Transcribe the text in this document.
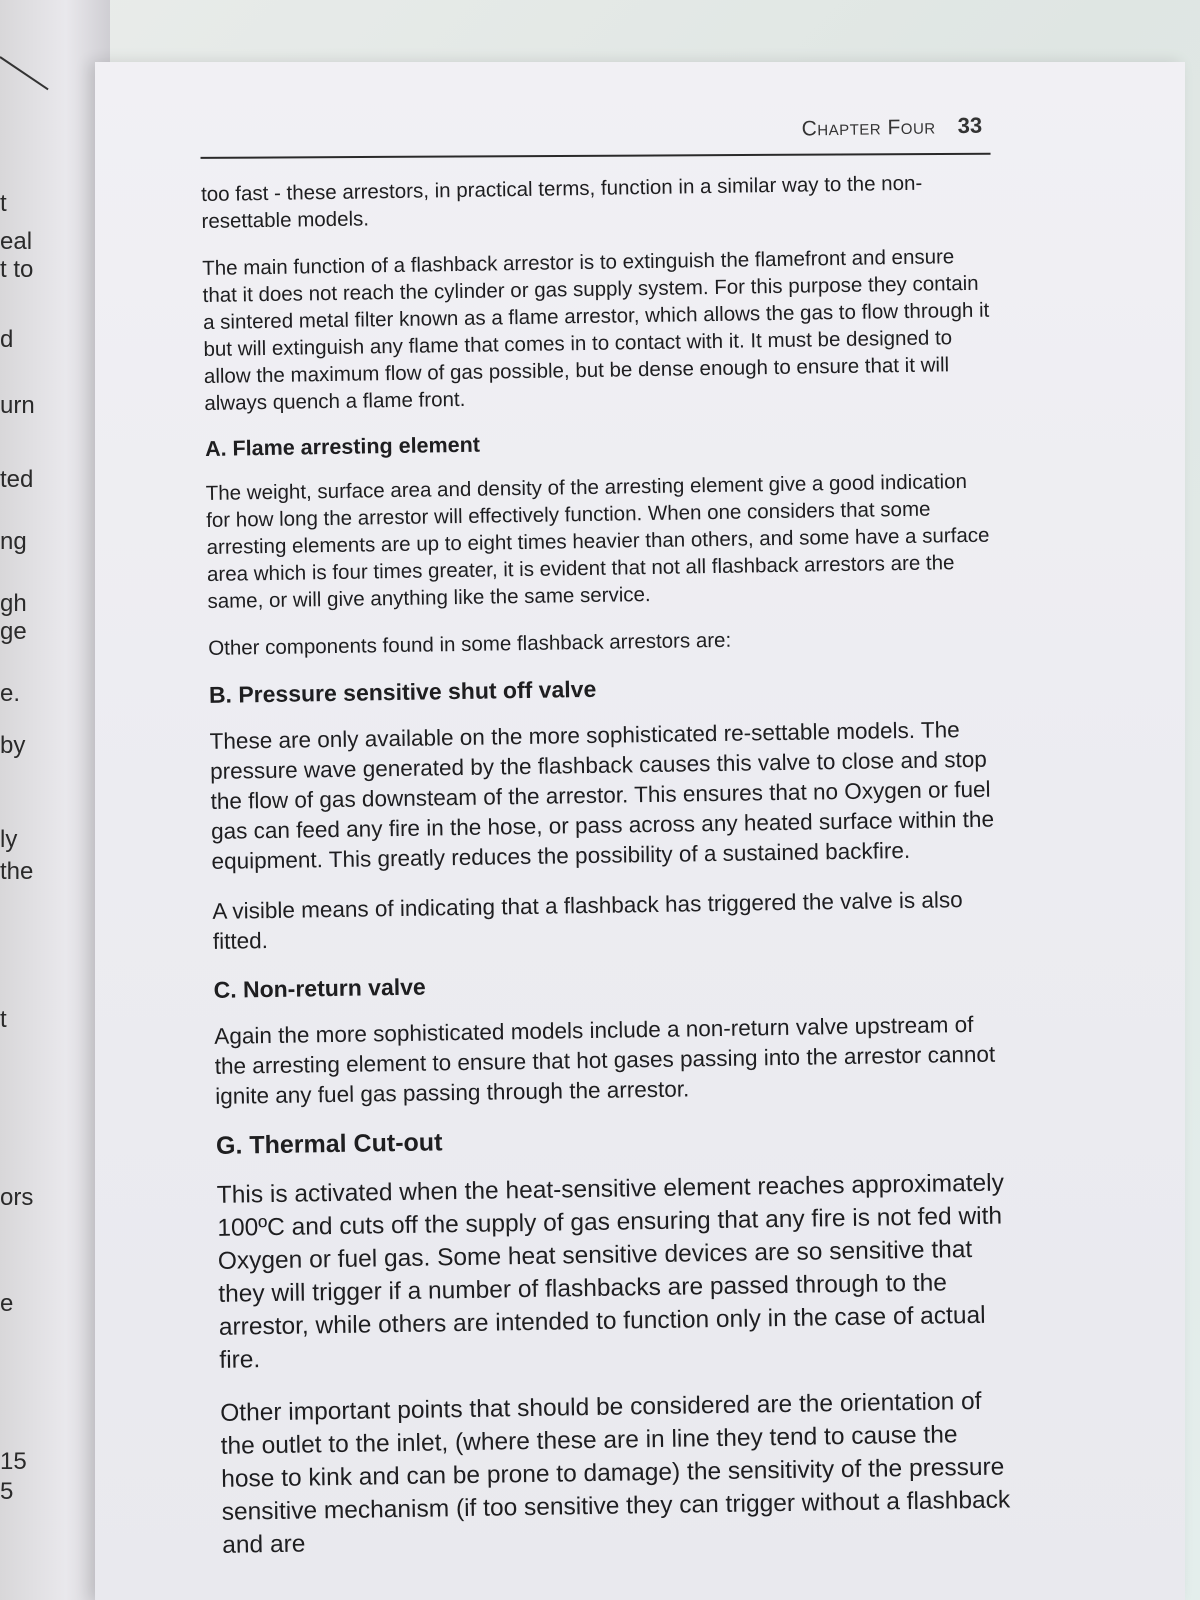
t
eal
t to
d
urn
ted
ng
gh
ge
e.
by
ly
the
t
ors
e
15
5
Chapter Four 33

too fast - these arrestors, in practical terms, function in a similar way to the non-resettable models.

The main function of a flashback arrestor is to extinguish the flamefront and ensure that it does not reach the cylinder or gas supply system. For this purpose they contain a sintered metal filter known as a flame arrestor, which allows the gas to flow through it but will extinguish any flame that comes in to contact with it. It must be designed to allow the maximum flow of gas possible, but be dense enough to ensure that it will always quench a flame front.

A. Flame arresting element

The weight, surface area and density of the arresting element give a good indication for how long the arrestor will effectively function. When one considers that some arresting elements are up to eight times heavier than others, and some have a surface area which is four times greater, it is evident that not all flashback arrestors are the same, or will give anything like the same service.

Other components found in some flashback arrestors are:

B. Pressure sensitive shut off valve

These are only available on the more sophisticated re-settable models. The pressure wave generated by the flashback causes this valve to close and stop the flow of gas downsteam of the arrestor. This ensures that no Oxygen or fuel gas can feed any fire in the hose, or pass across any heated surface within the equipment. This greatly reduces the possibility of a sustained backfire.

A visible means of indicating that a flashback has triggered the valve is also fitted.

C. Non-return valve

Again the more sophisticated models include a non-return valve upstream of the arresting element to ensure that hot gases passing into the arrestor cannot ignite any fuel gas passing through the arrestor.

G. Thermal Cut-out

This is activated when the heat-sensitive element reaches approximately 100ºC and cuts off the supply of gas ensuring that any fire is not fed with Oxygen or fuel gas. Some heat sensitive devices are so sensitive that they will trigger if a number of flashbacks are passed through to the arrestor, while others are intended to function only in the case of actual fire.

Other important points that should be considered are the orientation of the outlet to the inlet, (where these are in line they tend to cause the hose to kink and can be prone to damage) the sensitivity of the pressure sensitive mechanism (if too sensitive they can trigger without a flashback and are
